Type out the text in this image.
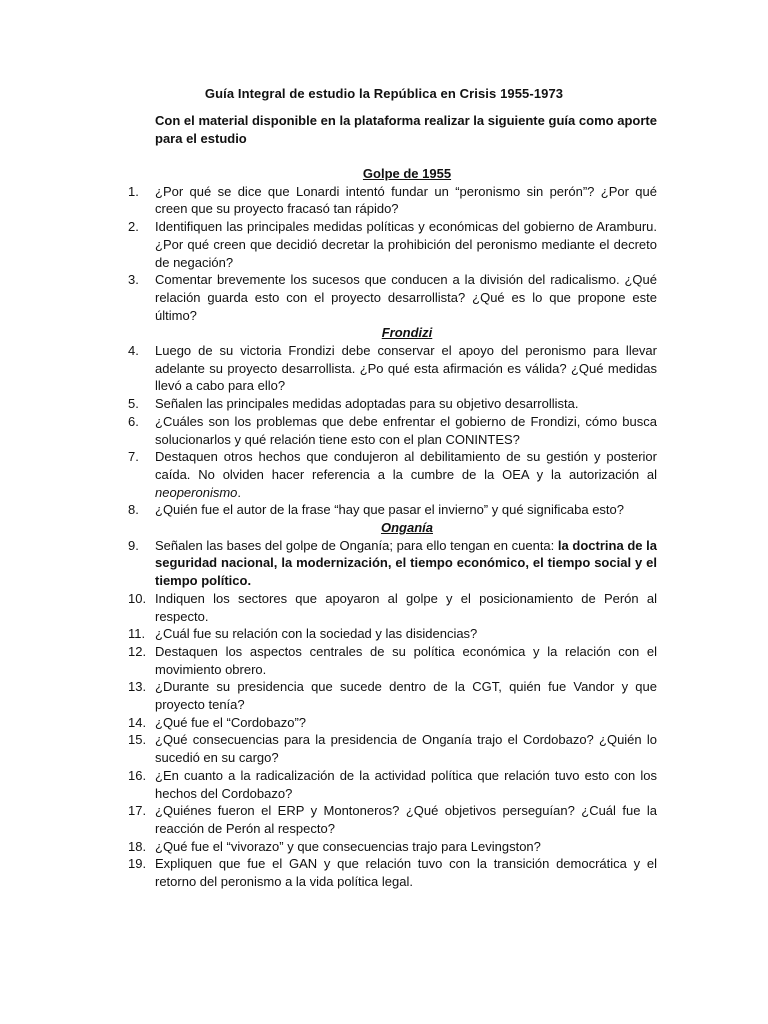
Guía Integral de estudio la República en Crisis 1955-1973
Con el material disponible en la plataforma realizar la siguiente guía como aporte para el estudio
Golpe de 1955
1.	¿Por qué se dice que Lonardi intentó fundar un “peronismo sin perón”? ¿Por qué creen que su proyecto fracasó tan rápido?
2.	Identifiquen las principales medidas políticas y económicas del gobierno de Aramburu. ¿Por qué creen que decidió decretar la prohibición del peronismo mediante el decreto de negación?
3.	Comentar brevemente los sucesos que conducen a la división del radicalismo. ¿Qué relación guarda esto con el proyecto desarrollista? ¿Qué es lo que propone este último?
Frondizi
4.	Luego de su victoria Frondizi debe conservar el apoyo del peronismo para llevar adelante su proyecto desarrollista. ¿Po qué esta afirmación es válida? ¿Qué medidas llevó a cabo para ello?
5.	Señalen las principales medidas adoptadas para su objetivo desarrollista.
6.	¿Cuáles son los problemas que debe enfrentar el gobierno de Frondizi, cómo busca solucionarlos y qué relación tiene esto con el plan CONINTES?
7.	Destaquen otros hechos que condujeron al debilitamiento de su gestión y posterior caída. No olviden hacer referencia a la cumbre de la OEA y la autorización al neoperonismo.
8.	¿Quién fue el autor de la frase “hay que pasar el invierno” y qué significaba esto?
Onganía
9.	Señalen las bases del golpe de Onganía; para ello tengan en cuenta: la doctrina de la seguridad nacional, la modernización, el tiempo económico, el tiempo social y el tiempo político.
10. Indiquen los sectores que apoyaron al golpe y el posicionamiento de Perón al respecto.
11. ¿Cuál fue su relación con la sociedad y las disidencias?
12. Destaquen los aspectos centrales de su política económica y la relación con el movimiento obrero.
13. ¿Durante su presidencia que sucede dentro de la CGT, quién fue Vandor y que proyecto tenía?
14. ¿Qué fue el “Cordobazo”?
15. ¿Qué consecuencias para la presidencia de Onganía trajo el Cordobazo? ¿Quién lo sucedió en su cargo?
16. ¿En cuanto a la radicalización de la actividad política que relación tuvo esto con los hechos del Cordobazo?
17. ¿Quiénes fueron el ERP y Montoneros? ¿Qué objetivos perseguían? ¿Cuál fue la reacción de Perón al respecto?
18. ¿Qué fue el “vivorazo” y que consecuencias trajo para Levingston?
19. Expliquen que fue el GAN y que relación tuvo con la transición democrática y el retorno del peronismo a la vida política legal.
